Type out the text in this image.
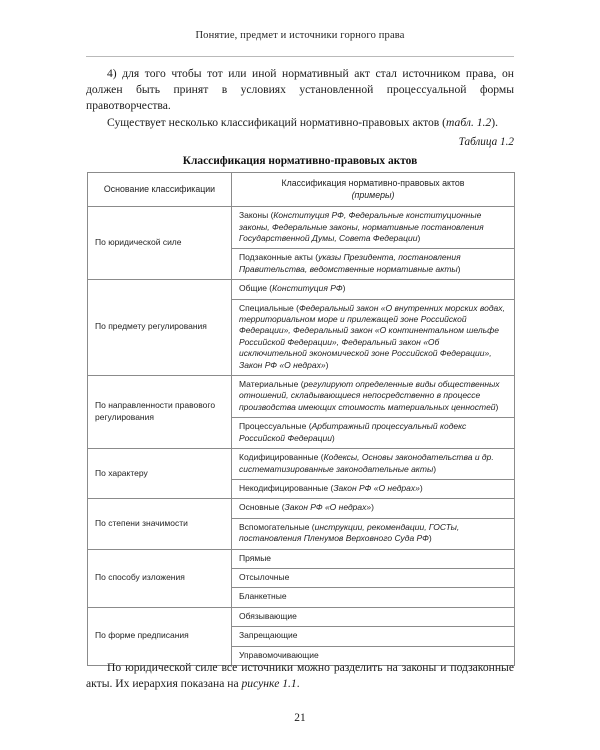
Понятие, предмет и источники горного права

4) для того чтобы тот или иной нормативный акт стал источником права, он должен быть принят в условиях установленной процессуальной формы правотворчества.

Существует несколько классификаций нормативно-правовых актов (табл. 1.2).

Таблица 1.2
Классификация нормативно-правовых актов
Основание классификации	Классификация нормативно-правовых актов
(примеры)

По юридической силе	Законы (Конституция РФ, Федеральные конституционные законы, Федеральные законы, нормативные постановления Государственной Думы, Совета Федерации)
	Подзаконные акты (указы Президента, постановления Правительства, ведомственные нормативные акты)
По предмету регулирования	Общие (Конституция РФ)
	Специальные (Федеральный закон «О внутренних морских водах, территориальном море и прилежащей зоне Российской Федерации», Федеральный закон «О континентальном шельфе Российской Федерации», Федеральный закон «Об исключительной экономической зоне Российской Федерации», Закон РФ «О недрах»)
По направленности правового регулирования	Материальные (регулируют определенные виды общественных отношений, складывающиеся непосредственно в процессе производства имеющих стоимость материальных ценностей)
	Процессуальные (Арбитражный процессуальный кодекс Российской Федерации)
По характеру	Кодифицированные (Кодексы, Основы законодательства и др. систематизированные законодательные акты)
	Некодифицированные (Закон РФ «О недрах»)
По степени значимости	Основные (Закон РФ «О недрах»)
	Вспомогательные (инструкции, рекомендации, ГОСТы, постановления Пленумов Верховного Суда РФ)
По способу изложения	Прямые
	Отсылочные
	Бланкетные
По форме предписания	Обязывающие
	Запрещающие
	Управомочивающие

По юридической силе все источники можно разделить на законы и подзаконные акты. Их иерархия показана на рисунке 1.1.

21
